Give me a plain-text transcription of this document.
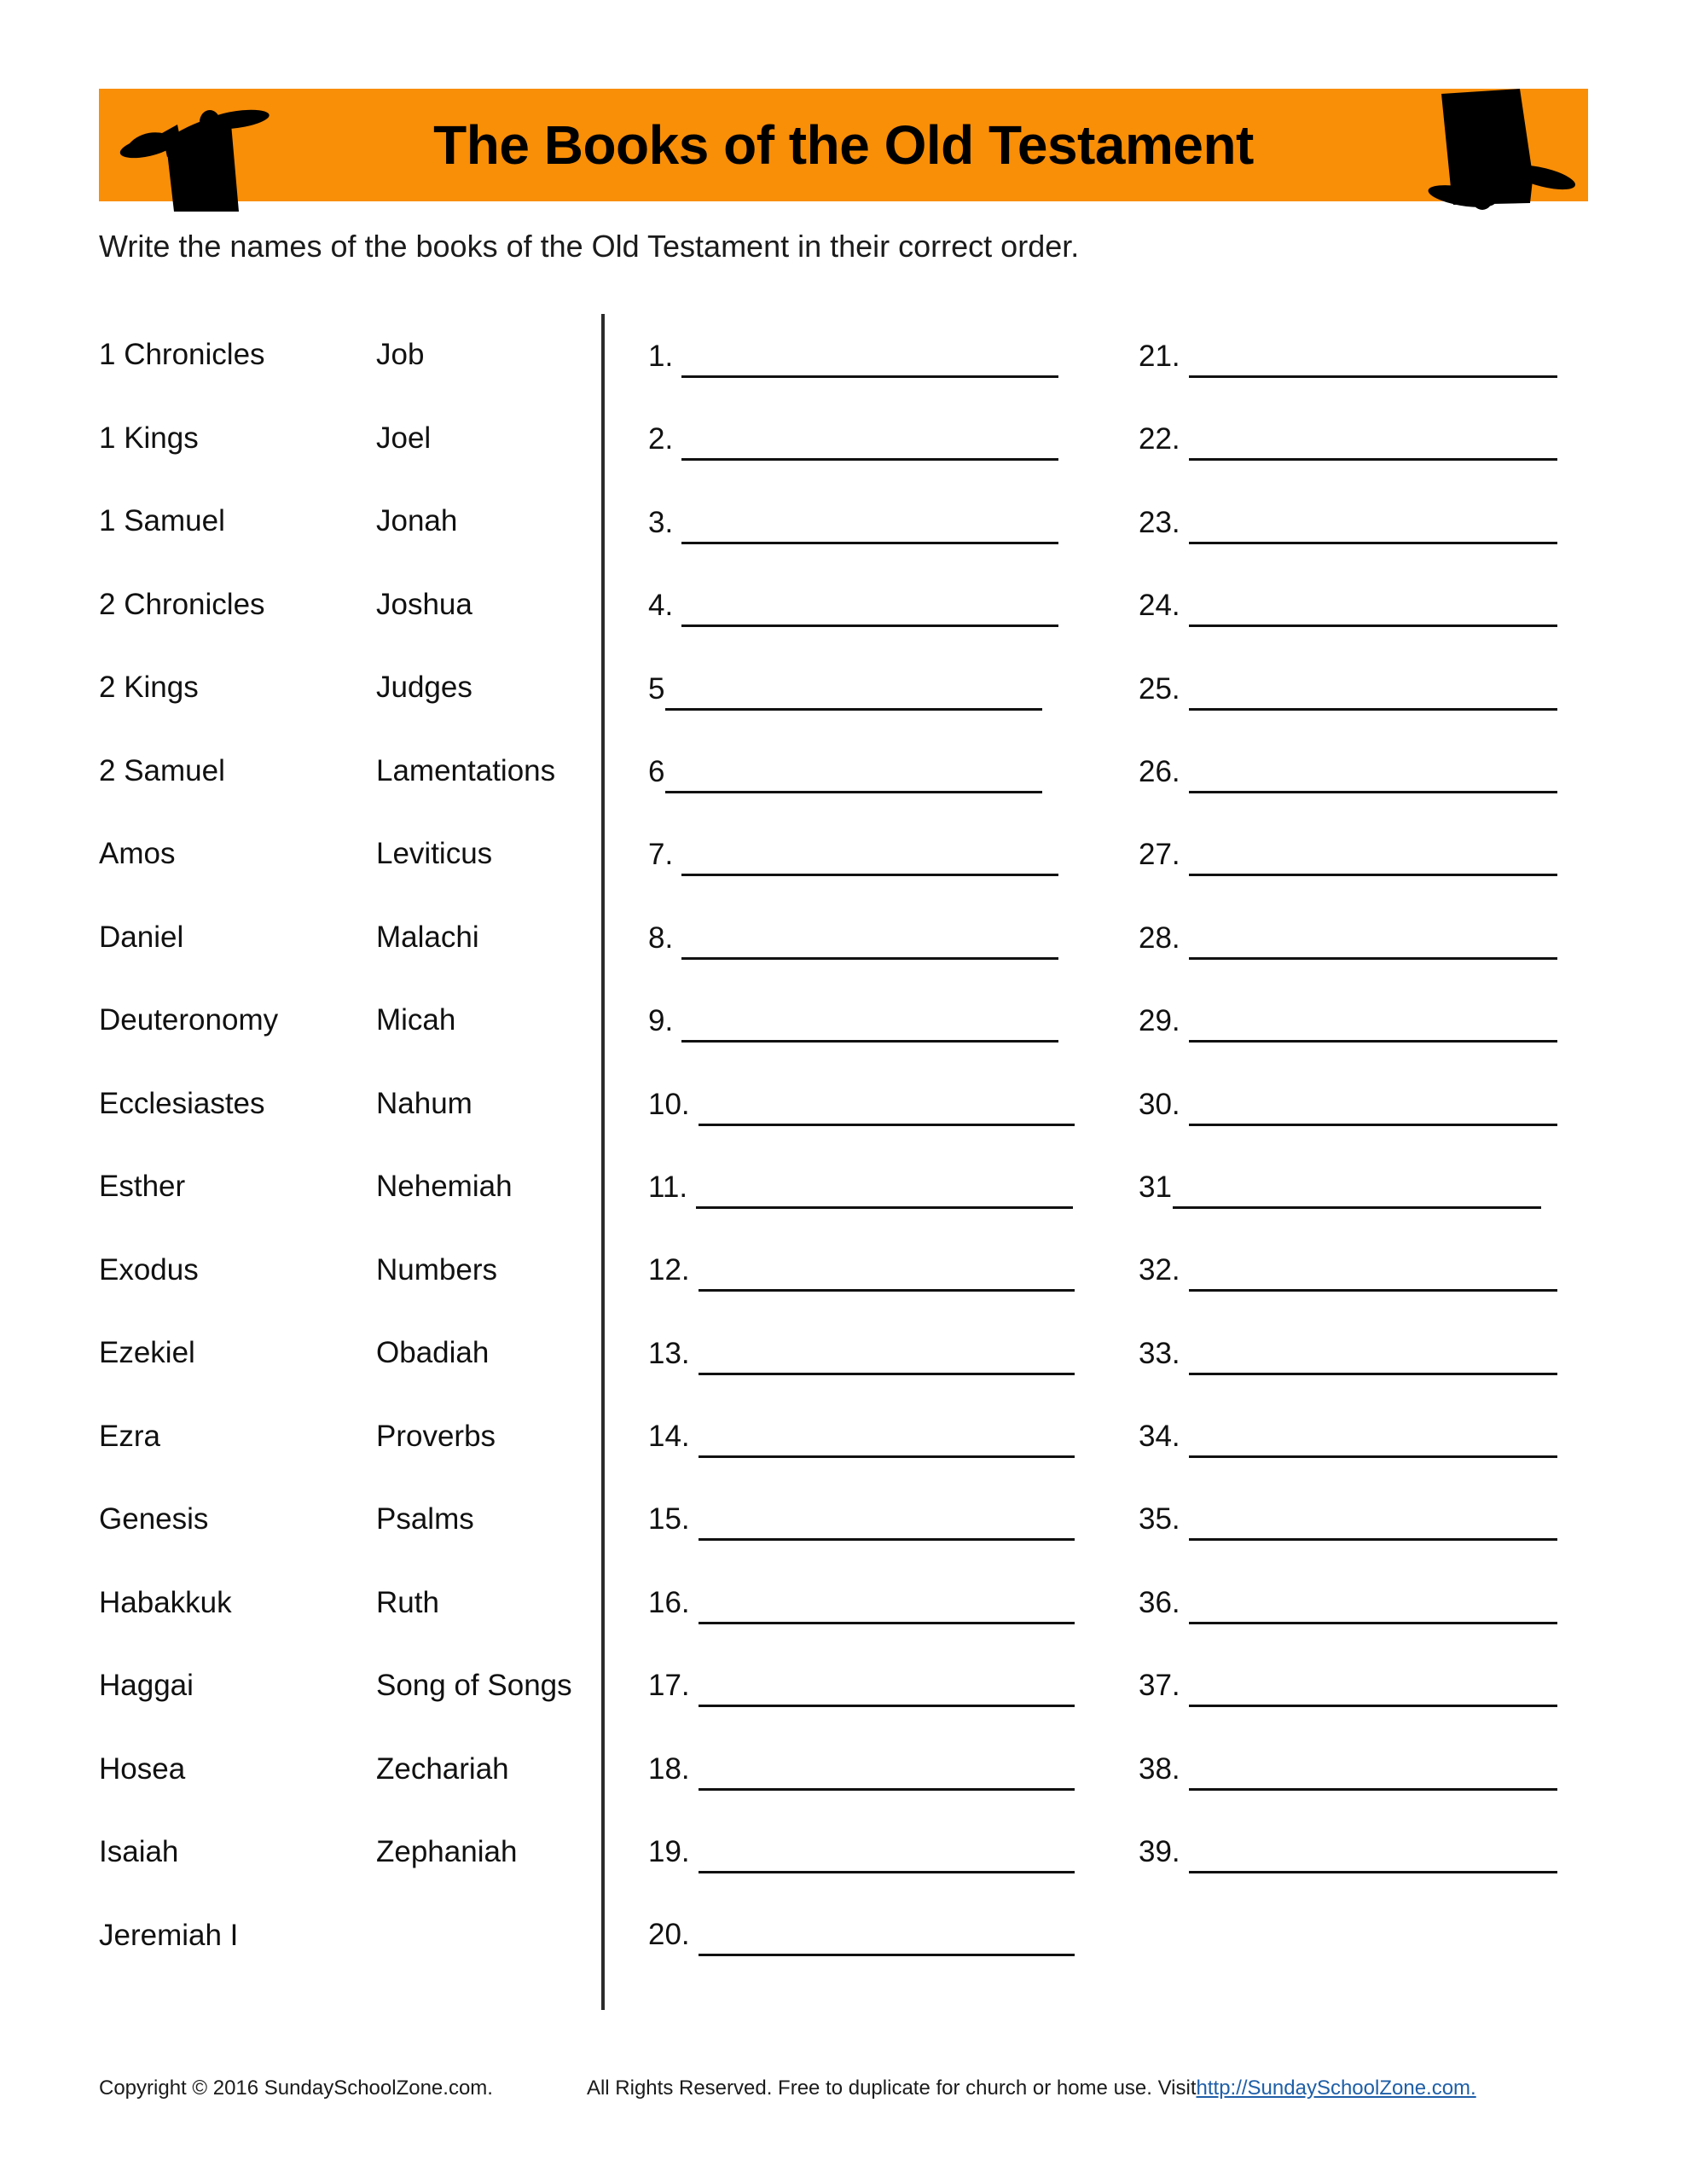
The Books of the Old Testament
Write the names of the books of the Old Testament in their correct order.
1 Chronicles
1 Kings
1 Samuel
2 Chronicles
2 Kings
2 Samuel
Amos
Daniel
Deuteronomy
Ecclesiastes
Esther
Exodus
Ezekiel
Ezra
Genesis
Habakkuk
Haggai
Hosea
Isaiah
Jeremiah I
Job
Joel
Jonah
Joshua
Judges
Lamentations
Leviticus
Malachi
Micah
Nahum
Nehemiah
Numbers
Obadiah
Proverbs
Psalms
Ruth
Song of Songs
Zechariah
Zephaniah
1.
2.
3.
4.
5
6
7.
8.
9.
10.
11.
12.
13.
14.
15.
16.
17.
18.
19.
20.
21.
22.
23.
24.
25.
26.
27.
28.
29.
30.
31
32.
33.
34.
35.
36.
37.
38.
39.
Copyright © 2016 SundaySchoolZone.com.	All Rights Reserved. Free to duplicate for church or home use. Visit http://SundaySchoolZone.com.
